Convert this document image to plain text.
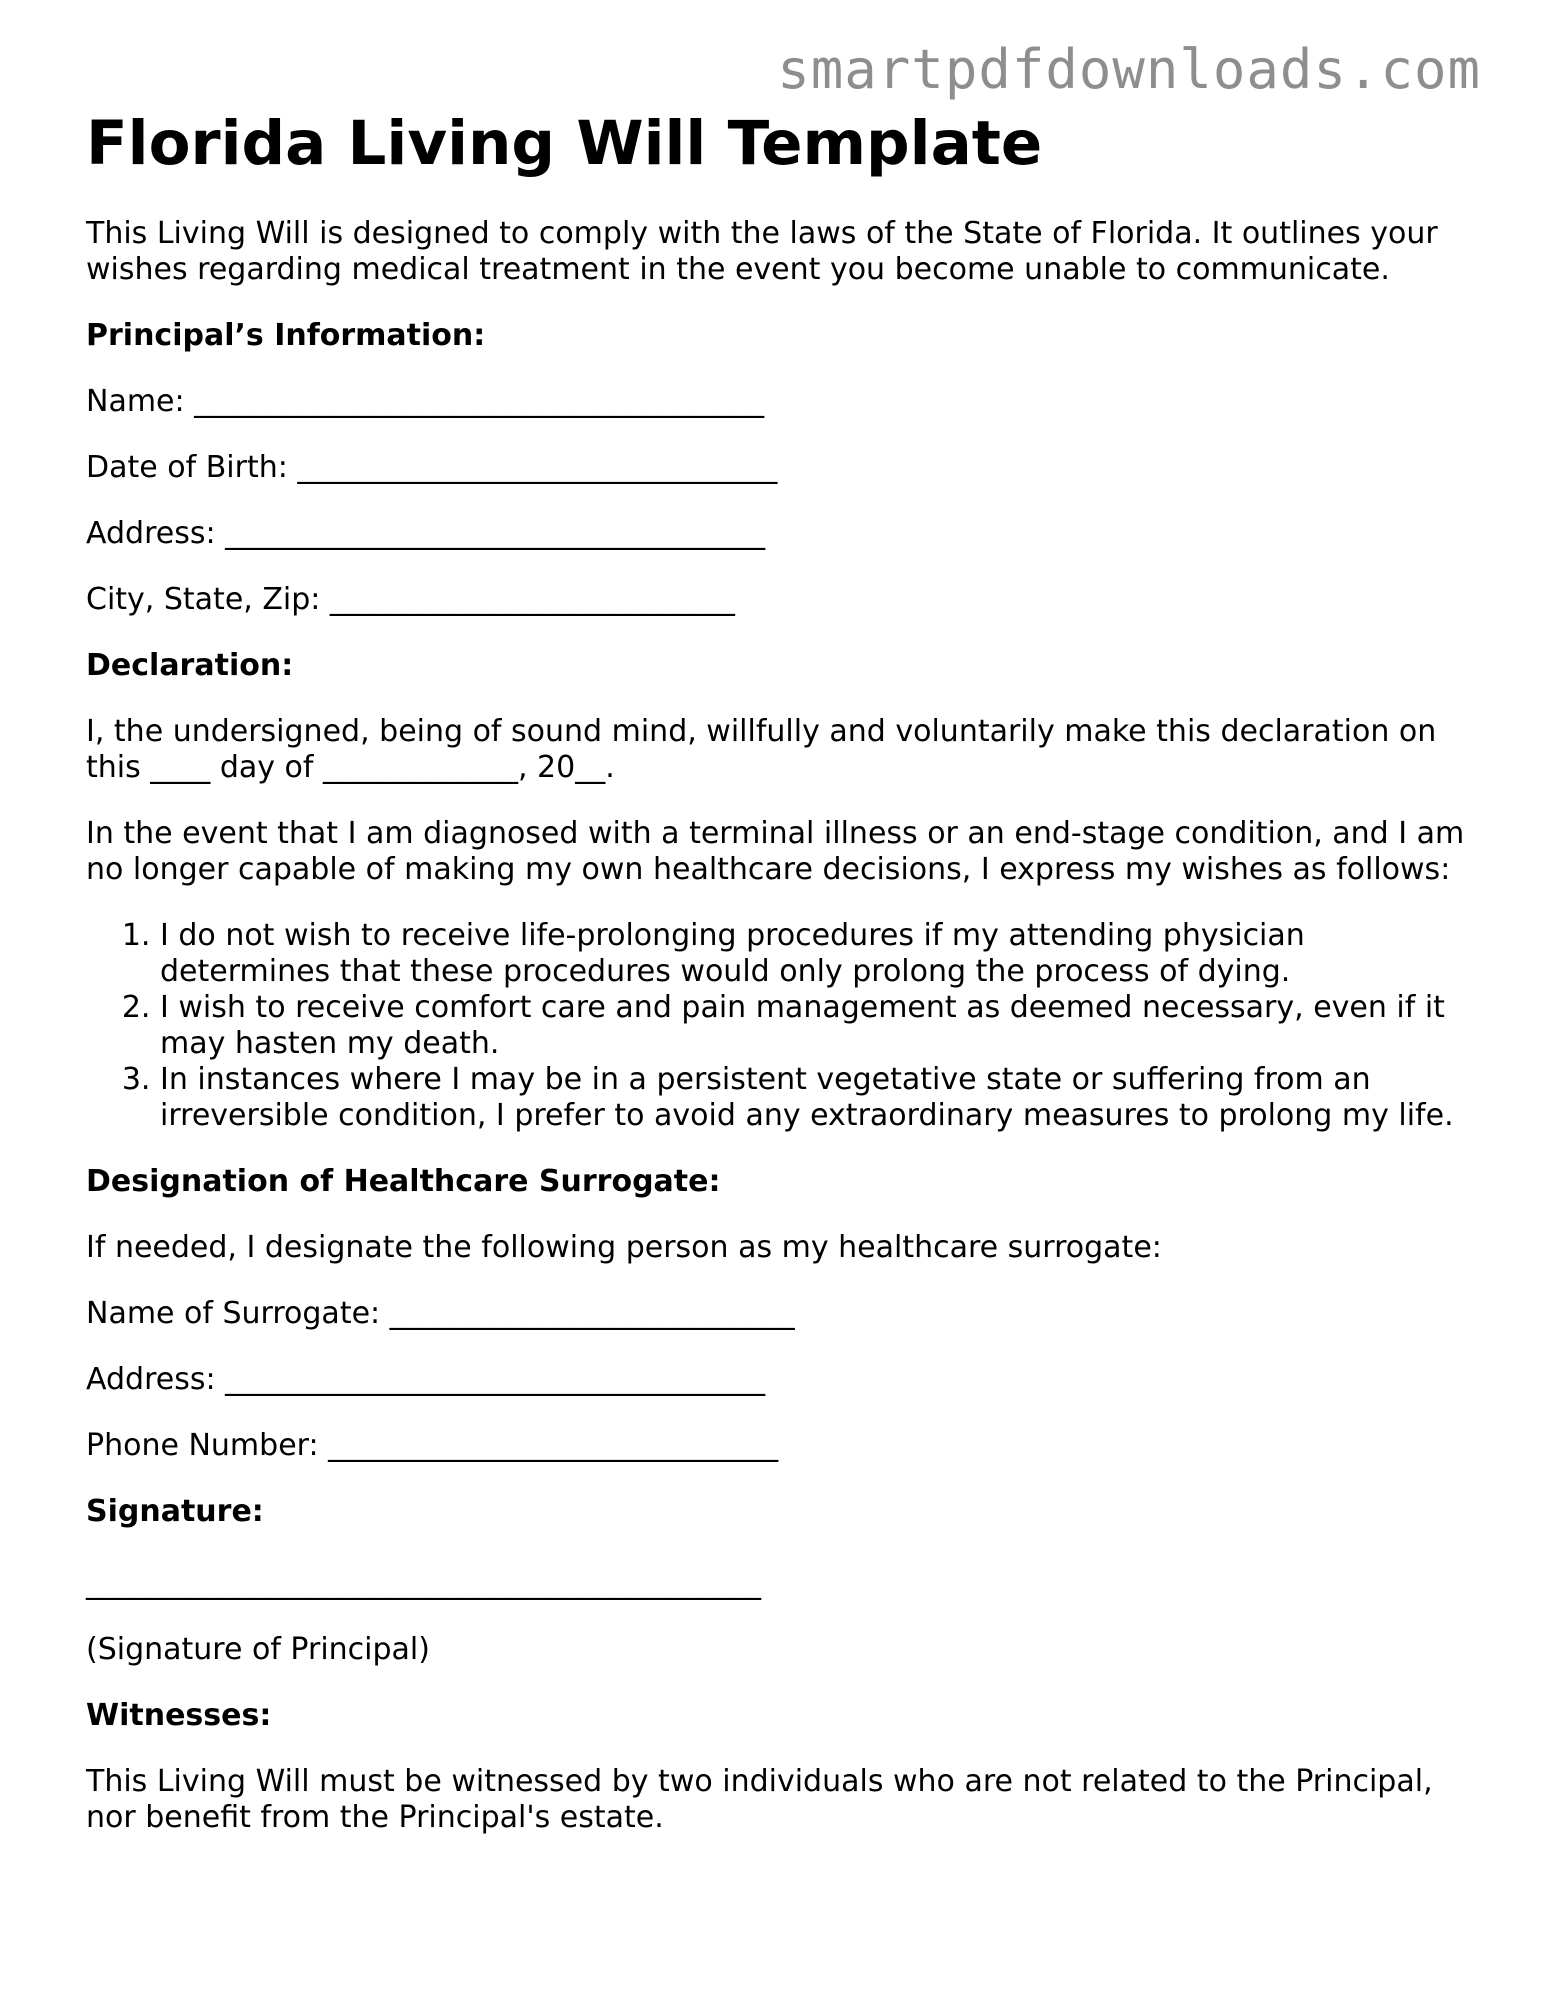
smartpdfdownloads.com

Florida Living Will Template

This Living Will is designed to comply with the laws of the State of Florida. It outlines your wishes regarding medical treatment in the event you become unable to communicate.

Principal’s Information:

Name: ______________________________________

Date of Birth: ________________________________

Address: ____________________________________

City, State, Zip: ___________________________

Declaration:

I, the undersigned, being of sound mind, willfully and voluntarily make this declaration on this ____ day of _____________, 20__.

In the event that I am diagnosed with a terminal illness or an end-stage condition, and I am no longer capable of making my own healthcare decisions, I express my wishes as follows:

1. I do not wish to receive life-prolonging procedures if my attending physician determines that these procedures would only prolong the process of dying.
2. I wish to receive comfort care and pain management as deemed necessary, even if it may hasten my death.
3. In instances where I may be in a persistent vegetative state or suffering from an irreversible condition, I prefer to avoid any extraordinary measures to prolong my life.

Designation of Healthcare Surrogate:

If needed, I designate the following person as my healthcare surrogate:

Name of Surrogate: ___________________________

Address: ____________________________________

Phone Number: ______________________________

Signature:

_____________________________________________

(Signature of Principal)

Witnesses:

This Living Will must be witnessed by two individuals who are not related to the Principal, nor benefit from the Principal's estate.
